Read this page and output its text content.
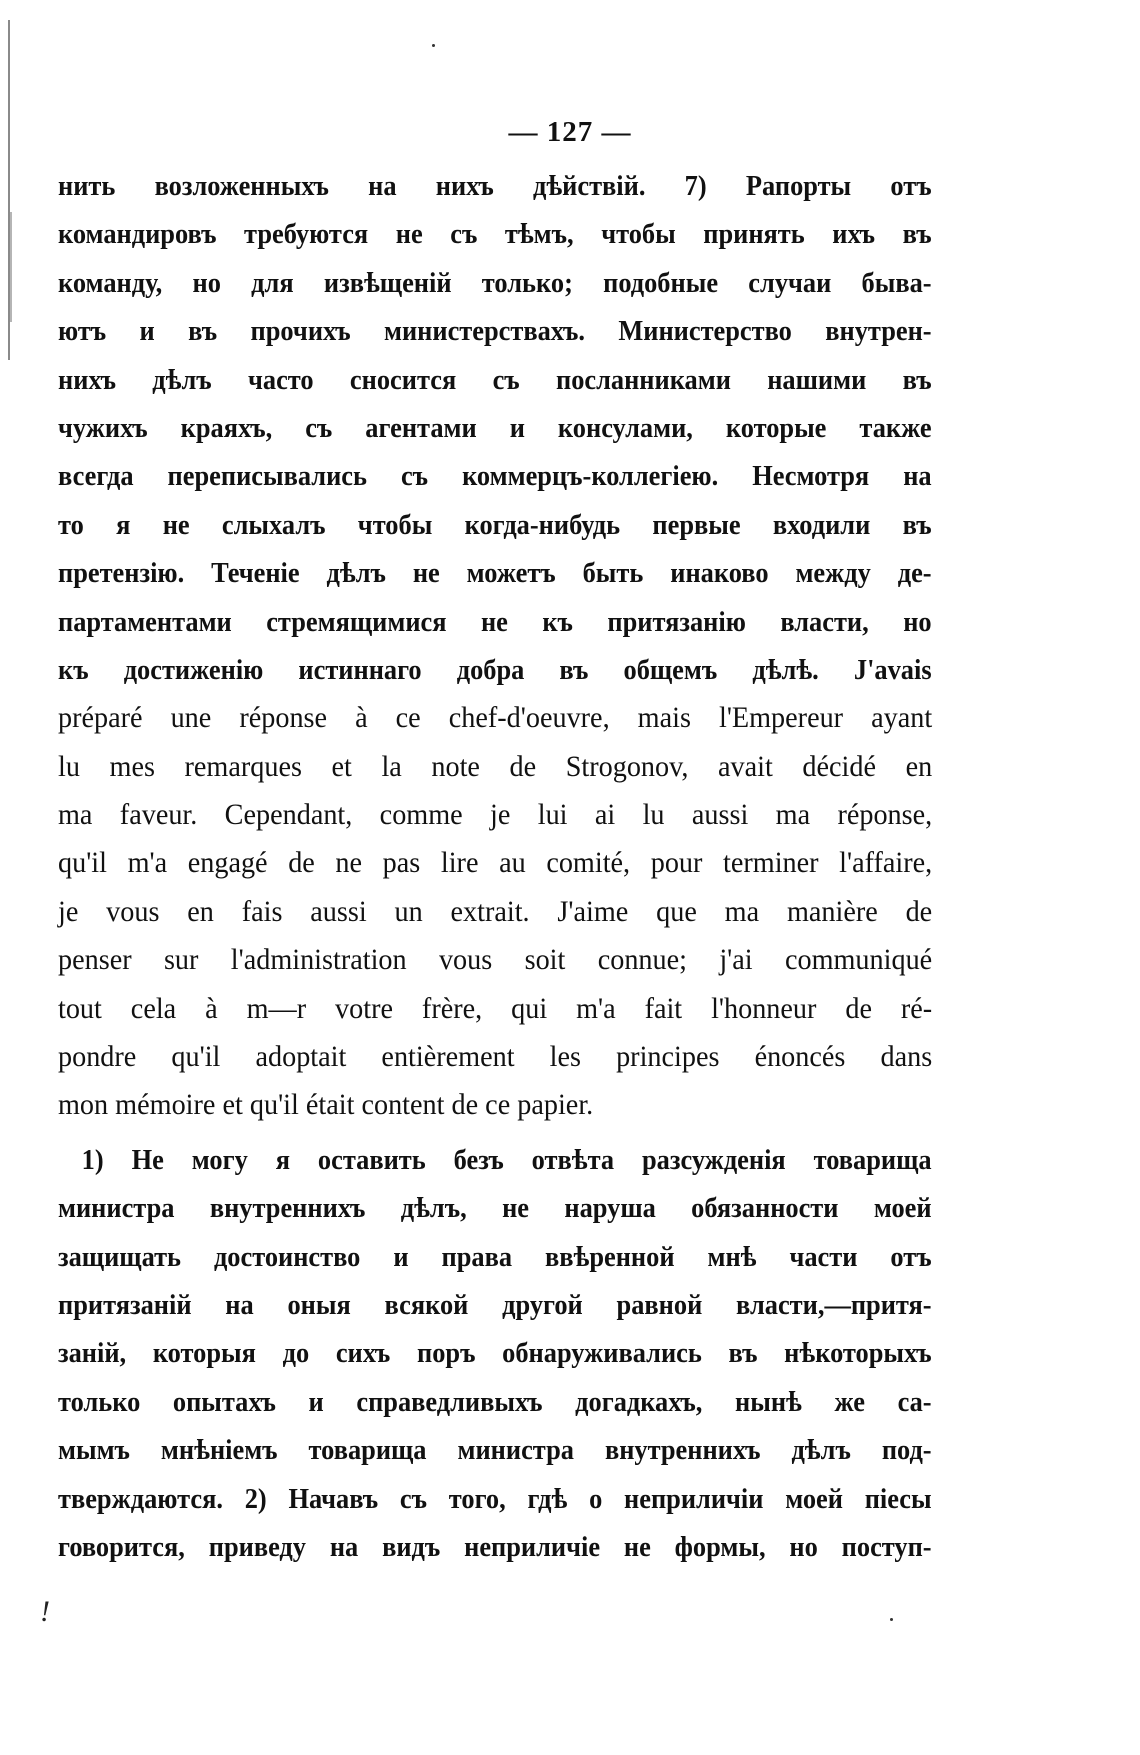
— 127 —
нить возложенныхъ на нихъ дѣйствій. 7) Рапорты отъ
командировъ требуются не съ тѣмъ, чтобы принять ихъ въ
команду, но для извѣщеній только; подобные случаи быва-
ютъ и въ прочихъ министерствахъ. Министерство внутрен-
нихъ дѣлъ часто сносится съ посланниками нашими въ
чужихъ краяхъ, съ агентами и консулами, которые также
всегда переписывались съ коммерцъ-коллегіею. Несмотря на
то я не слыхалъ чтобы когда-нибудь первые входили въ
претензію. Теченіе дѣлъ не можетъ быть инаково между де-
партаментами стремящимися не къ притязанію власти, но
къ достиженію истиннаго добра въ общемъ дѣлѣ. J'avais
préparé une réponse à ce chef-d'oeuvre, mais l'Empereur ayant
lu mes remarques et la note de Strogonov, avait décidé en
ma faveur. Cependant, comme je lui ai lu aussi ma réponse,
qu'il m'a engagé de ne pas lire au comité, pour terminer l'affaire,
je vous en fais aussi un extrait. J'aime que ma manière de
penser sur l'administration vous soit connue; j'ai communiqué
tout cela à m—r votre frère, qui m'a fait l'honneur de ré-
pondre qu'il adoptait entièrement les principes énoncés dans
mon mémoire et qu'il était content de ce papier.
1) Не могу я оставить безъ отвѣта разсужденія товарища
министра внутреннихъ дѣлъ, не наруша обязанности моей
защищать достоинство и права ввѣренной мнѣ части отъ
притязаній на оныя всякой другой равной власти,—притя-
заній, которыя до сихъ поръ обнаруживались въ нѣкоторыхъ
только опытахъ и справедливыхъ догадкахъ, нынѣ же са-
мымъ мнѣніемъ товарища министра внутреннихъ дѣлъ под-
тверждаются. 2) Начавъ съ того, гдѣ о неприличіи моей піесы
говорится, приведу на видъ неприличіе не формы, но поступ-
!
